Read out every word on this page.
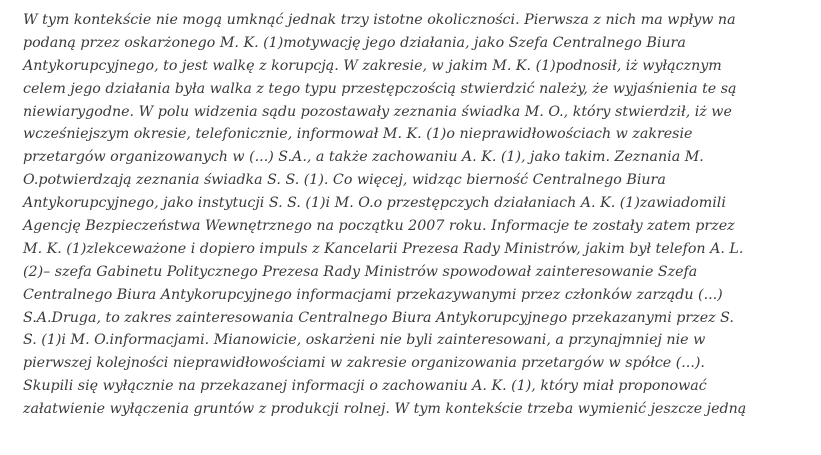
W tym kontekście nie mogą umknąć jednak trzy istotne okoliczności. Pierwsza z nich ma wpływ na podaną przez oskarżonego M. K. (1)motywację jego działania, jako Szefa Centralnego Biura Antykorupcyjnego, to jest walkę z korupcją. W zakresie, w jakim M. K. (1)podnosił, iż wyłącznym celem jego działania była walka z tego typu przestępczością stwierdzić należy, że wyjaśnienia te są niewiarygodne. W polu widzenia sądu pozostawały zeznania świadka M. O., który stwierdził, iż we wcześniejszym okresie, telefonicznie, informował M. K. (1)o nieprawidłowościach w zakresie przetargów organizowanych w (...) S.A., a także zachowaniu A. K. (1), jako takim. Zeznania M. O.potwierdzają zeznania świadka S. S. (1). Co więcej, widząc bierność Centralnego Biura Antykorupcyjnego, jako instytucji S. S. (1)i M. O.o przestępczych działaniach A. K. (1)zawiadomili Agencję Bezpieczeństwa Wewnętrznego na początku 2007 roku. Informacje te zostały zatem przez M. K. (1)zlekceważone i dopiero impuls z Kancelarii Prezesa Rady Ministrów, jakim był telefon A. L. (2)– szefa Gabinetu Politycznego Prezesa Rady Ministrów spowodował zainteresowanie Szefa Centralnego Biura Antykorupcyjnego informacjami przekazywanymi przez członków zarządu (...) S.A.Druga, to zakres zainteresowania Centralnego Biura Antykorupcyjnego przekazanymi przez S. S. (1)i M. O.informacjami. Mianowicie, oskarżeni nie byli zainteresowani, a przynajmniej nie w pierwszej kolejności nieprawidłowościami w zakresie organizowania przetargów w spółce (...). Skupili się wyłącznie na przekazanej informacji o zachowaniu A. K. (1), który miał proponować załatwienie wyłączenia gruntów z produkcji rolnej. W tym kontekście trzeba wymienić jeszcze jedną
